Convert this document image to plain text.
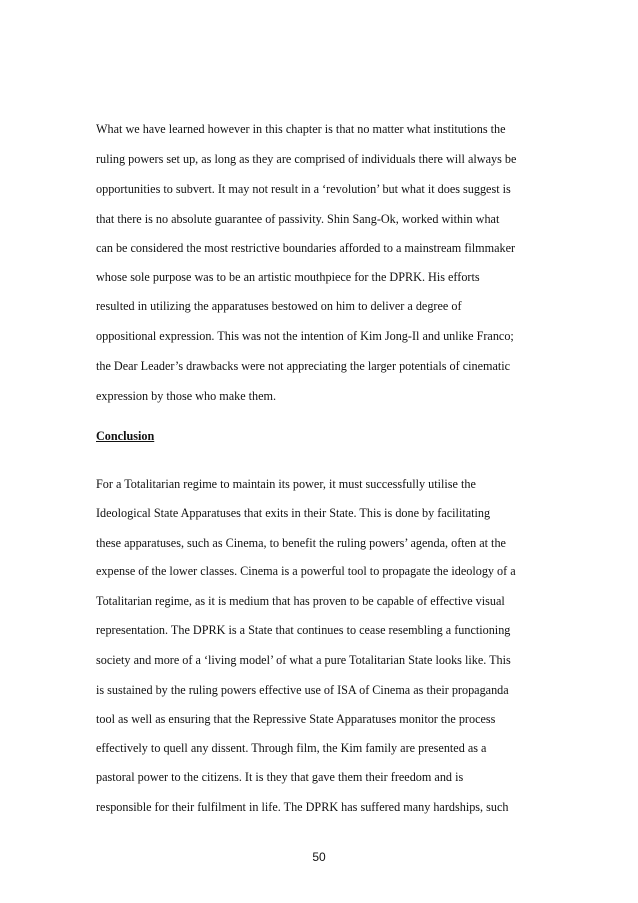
What we have learned however in this chapter is that no matter what institutions the
ruling powers set up, as long as they are comprised of individuals there will always be
opportunities to subvert. It may not result in a ‘revolution’ but what it does suggest is
that there is no absolute guarantee of passivity. Shin Sang-Ok, worked within what
can be considered the most restrictive boundaries afforded to a mainstream filmmaker
whose sole purpose was to be an artistic mouthpiece for the DPRK. His efforts
resulted in utilizing the apparatuses bestowed on him to deliver a degree of
oppositional expression. This was not the intention of Kim Jong-Il and unlike Franco;
the Dear Leader’s drawbacks were not appreciating the larger potentials of cinematic
expression by those who make them.
Conclusion
For a Totalitarian regime to maintain its power, it must successfully utilise the
Ideological State Apparatuses that exits in their State. This is done by facilitating
these apparatuses, such as Cinema, to benefit the ruling powers’ agenda, often at the
expense of the lower classes. Cinema is a powerful tool to propagate the ideology of a
Totalitarian regime, as it is medium that has proven to be capable of effective visual
representation. The DPRK is a State that continues to cease resembling a functioning
society and more of a ‘living model’ of what a pure Totalitarian State looks like. This
is sustained by the ruling powers effective use of ISA of Cinema as their propaganda
tool as well as ensuring that the Repressive State Apparatuses monitor the process
effectively to quell any dissent. Through film, the Kim family are presented as a
pastoral power to the citizens. It is they that gave them their freedom and is
responsible for their fulfilment in life. The DPRK has suffered many hardships, such
50
